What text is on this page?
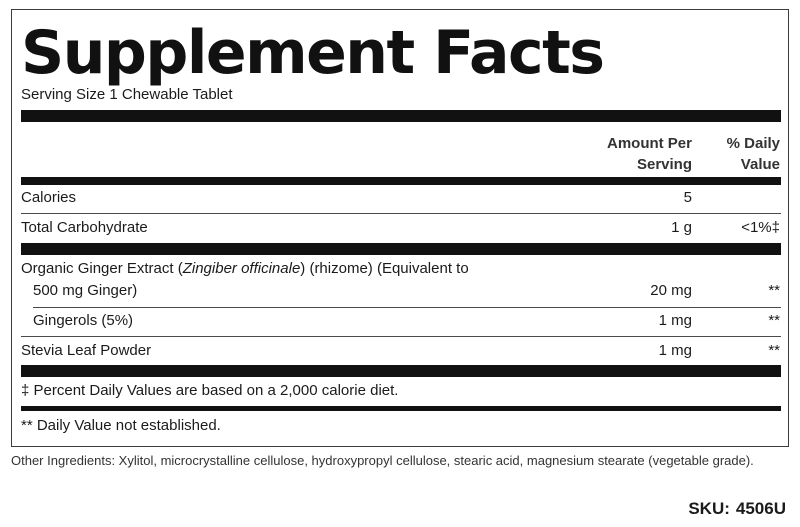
Supplement Facts
Serving Size 1 Chewable Tablet
Amount Per
Serving
% Daily
Value
Calories	5
Total Carbohydrate	1 g	<1%‡
Organic Ginger Extract (Zingiber officinale) (rhizome) (Equivalent to
500 mg Ginger)	20 mg	**
Gingerols (5%)	1 mg	**
Stevia Leaf Powder	1 mg	**
‡ Percent Daily Values are based on a 2,000 calorie diet.
** Daily Value not established.
Other Ingredients: Xylitol, microcrystalline cellulose, hydroxypropyl cellulose, stearic acid, magnesium stearate (vegetable grade).
SKU: 4506U
